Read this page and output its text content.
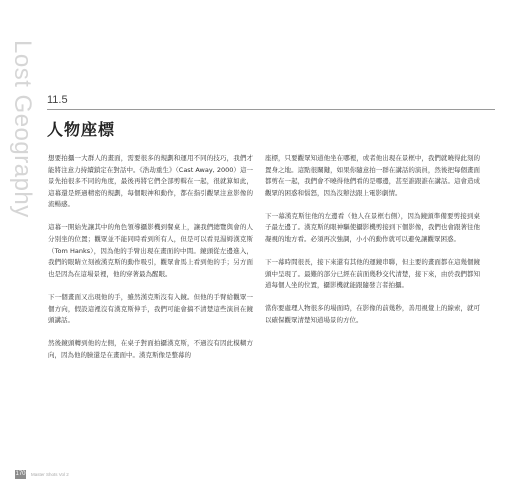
Lost Geography 11.5
人物座標

想要拍攝一大群人的畫面，需要很多的規劃和運用不同的技巧，我們才能將注意力持續鎖定在對話中。《浩劫重生》（Cast Away, 2000）這一景先拍很多不同的角度，最後再將它們全部剪輯在一起，很就算如此，這幕還是經過精密的規劃，每個眼神和動作，都在指引觀眾注意影像的流暢感。

這幕一開始先讓其中的角色領導攝影機到餐桌上，讓我們總覽與會的人分別坐的位置；觀眾並不能同時看到所有人，但是可以看見湯姆漢克斯（Tom Hanks），因為他的手臂出現在畫面的中間。鏡頭從左邊進入，我們的眼睛立刻被漢克斯的動作吸引，觀眾會馬上看到他的手；另方面也是因為在這場景裡，他的穿著最為醒眼。

下一個畫面又出現他的手，雖然漢克斯沒有入鏡。但他的手臂給觀眾一個方向，假設這裡沒有漢克斯伸手，我們可能會搞不清楚這些演員在鏡頭講話。

然後鏡頭轉到他的左側，在桌子對面拍攝漢克斯，不過沒有因此模糊方向，因為他的臉還是在畫面中。漢克斯像是整幕的

座標，只要觀眾知道他坐在哪裡，或者他出現在景框中，我們就曉得此刻的置身之地。這點很關鍵，如果你隨意拍一群在講話的演員，然後把每個畫面都剪在一起，我們會不曉得他們看的是哪邊，甚至誰跟誰在講話。這會造成觀眾的困惑和惱怒，因為沒辦法跟上電影劇情。

下一幕漢克斯往他的左邊看（他人在景框右側），因為鏡頭準備要剪接到桌子最左邊了。漢克斯的眼神驅使攝影機剪接到下個影像，我們也會跟著往他凝視的地方看。必須再次強調，小小的動作就可以避免讓觀眾困惑。

下一幕時間很長，接下來還有其他的運鏡串聯，但主要的畫面都在這幾個鏡頭中呈現了。最難的部分已經在前面幾秒交代清楚，接下來，由於我們都知道每個人坐的位置，攝影機就能跟隨發言者拍攝。

當你要處理人物很多的場面時，在影像的前幾秒，善用視覺上的線索，就可以確保觀眾清楚知道場景的方位。

170 Master Shots Vol 2
